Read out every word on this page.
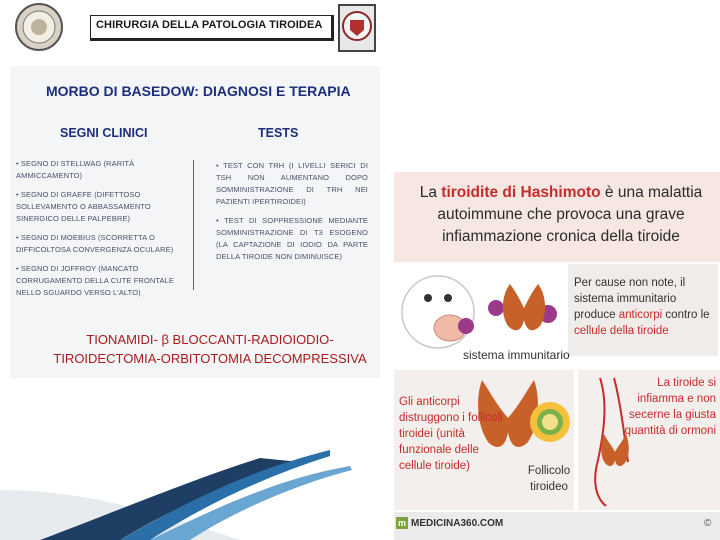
CHIRURGIA DELLA PATOLOGIA TIROIDEA
MORBO DI BASEDOW: DIAGNOSI E TERAPIA
SEGNI CLINICI	TESTS
• SEGNO DI STELLWAG (RARITÀ AMMICCAMENTO)
• SEGNO DI GRAEFE (DIFETTOSO SOLLEVAMENTO O ABBASSAMENTO SINERGICO DELLE PALPEBRE)
• SEGNO DI MOEBIUS (SCORRETTA O DIFFICOLTOSA CONVERGENZA OCULARE)
• SEGNO DI JOFFROY (MANCATO CORRUGAMENTO DELLA CUTE FRONTALE NELLO SGUARDO VERSO L'ALTO)
• TEST CON TRH (I LIVELLI SERICI DI TSH NON AUMENTANO DOPO SOMMINISTRAZIONE DI TRH NEI PAZIENTI IPERTIROIDEI)
• TEST DI SOPPRESSIONE MEDIANTE SOMMINISTRAZIONE DI T3 ESOGENO (LA CAPTAZIONE DI IODIO DA PARTE DELLA TIROIDE NON DIMINUISCE)
TIONAMIDI- β BLOCCANTI-RADIOIODIO-
TIROIDECTOMIA-ORBITOTOMIA DECOMPRESSIVA
La tiroidite di Hashimoto è una malattia autoimmune che provoca una grave infiammazione cronica della tiroide
Per cause non note, il sistema immunitario produce anticorpi contro le cellule della tiroide
sistema immunitario
Gli anticorpi distruggono i follicoli tiroidei (unità funzionale delle cellule tiroide)	Follicolo tiroideo
La tiroide si infiamma e non secerne la giusta quantità di ormoni
m MEDICINA360.COM	©
